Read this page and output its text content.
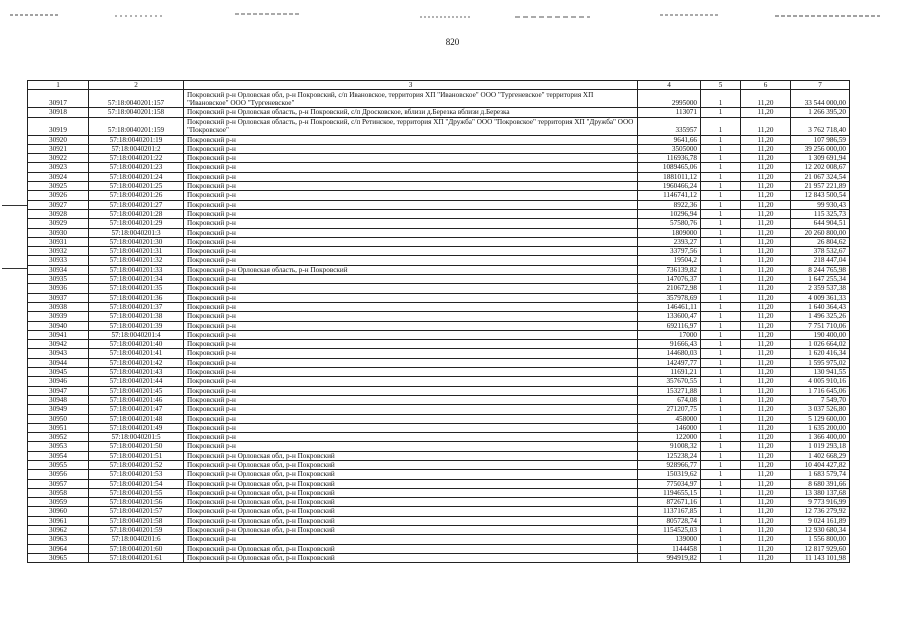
820
1	2	3	4	5	6	7
30917	57:18:0040201:157	Покровский р-н Орловская обл, р-н Покровский, с/п Ивановское, территория ХП "Ивановское" ООО "Тургеневское" территория ХП "Ивановское" ООО "Тургеневское"	2995000	1	11,20	33 544 000,00
30918	57:18:0040201:158	Покровский р-н Орловская область, р-н Покровский, с/п Дросковское, вблизи д.Березка вблизи д.Березка	113071	1	11,20	1 266 395,20
30919	57:18:0040201:159	Покровский р-н Орловская область, р-н Покровский, с/п Ретинское, территория ХП "Дружба" ООО "Покровское" территория ХП "Дружба" ООО "Покровское"	335957	1	11,20	3 762 718,40
30920	57:18:0040201:19	Покровский р-н	9641,66	1	11,20	107 986,59
30921	57:18:0040201:2	Покровский р-н	3505000	1	11,20	39 256 000,00
30922	57:18:0040201:22	Покровский р-н	116936,78	1	11,20	1 309 691,94
30923	57:18:0040201:23	Покровский р-н	1089465,06	1	11,20	12 202 008,67
30924	57:18:0040201:24	Покровский р-н	1881011,12	1	11,20	21 067 324,54
30925	57:18:0040201:25	Покровский р-н	1960466,24	1	11,20	21 957 221,89
30926	57:18:0040201:26	Покровский р-н	1146741,12	1	11,20	12 843 500,54
30927	57:18:0040201:27	Покровский р-н	8922,36	1	11,20	99 930,43
30928	57:18:0040201:28	Покровский р-н	10296,94	1	11,20	115 325,73
30929	57:18:0040201:29	Покровский р-н	57580,76	1	11,20	644 904,51
30930	57:18:0040201:3	Покровский р-н	1809000	1	11,20	20 260 800,00
30931	57:18:0040201:30	Покровский р-н	2393,27	1	11,20	26 804,62
30932	57:18:0040201:31	Покровский р-н	33797,56	1	11,20	378 532,67
30933	57:18:0040201:32	Покровский р-н	19504,2	1	11,20	218 447,04
30934	57:18:0040201:33	Покровский р-н Орловская область, р-н Покровский	736139,82	1	11,20	8 244 765,98
30935	57:18:0040201:34	Покровский р-н	147076,37	1	11,20	1 647 255,34
30936	57:18:0040201:35	Покровский р-н	210672,98	1	11,20	2 359 537,38
30937	57:18:0040201:36	Покровский р-н	357978,69	1	11,20	4 009 361,33
30938	57:18:0040201:37	Покровский р-н	146461,11	1	11,20	1 640 364,43
30939	57:18:0040201:38	Покровский р-н	133600,47	1	11,20	1 496 325,26
30940	57:18:0040201:39	Покровский р-н	692116,97	1	11,20	7 751 710,06
30941	57:18:0040201:4	Покровский р-н	17000	1	11,20	190 400,00
30942	57:18:0040201:40	Покровский р-н	91666,43	1	11,20	1 026 664,02
30943	57:18:0040201:41	Покровский р-н	144680,03	1	11,20	1 620 416,34
30944	57:18:0040201:42	Покровский р-н	142497,77	1	11,20	1 595 975,02
30945	57:18:0040201:43	Покровский р-н	11691,21	1	11,20	130 941,55
30946	57:18:0040201:44	Покровский р-н	357670,55	1	11,20	4 005 910,16
30947	57:18:0040201:45	Покровский р-н	153271,88	1	11,20	1 716 645,06
30948	57:18:0040201:46	Покровский р-н	674,08	1	11,20	7 549,70
30949	57:18:0040201:47	Покровский р-н	271207,75	1	11,20	3 037 526,80
30950	57:18:0040201:48	Покровский р-н	458000	1	11,20	5 129 600,00
30951	57:18:0040201:49	Покровский р-н	146000	1	11,20	1 635 200,00
30952	57:18:0040201:5	Покровский р-н	122000	1	11,20	1 366 400,00
30953	57:18:0040201:50	Покровский р-н	91008,32	1	11,20	1 019 293,18
30954	57:18:0040201:51	Покровский р-н Орловская обл, р-н Покровский	125238,24	1	11,20	1 402 668,29
30955	57:18:0040201:52	Покровский р-н Орловская обл, р-н Покровский	928966,77	1	11,20	10 404 427,82
30956	57:18:0040201:53	Покровский р-н Орловская обл, р-н Покровский	150319,62	1	11,20	1 683 579,74
30957	57:18:0040201:54	Покровский р-н Орловская обл, р-н Покровский	775034,97	1	11,20	8 680 391,66
30958	57:18:0040201:55	Покровский р-н Орловская обл, р-н Покровский	1194655,15	1	11,20	13 380 137,68
30959	57:18:0040201:56	Покровский р-н Орловская обл, р-н Покровский	872671,16	1	11,20	9 773 916,99
30960	57:18:0040201:57	Покровский р-н Орловская обл, р-н Покровский	1137167,85	1	11,20	12 736 279,92
30961	57:18:0040201:58	Покровский р-н Орловская обл, р-н Покровский	805728,74	1	11,20	9 024 161,89
30962	57:18:0040201:59	Покровский р-н Орловская обл, р-н Покровский	1154525,03	1	11,20	12 930 680,34
30963	57:18:0040201:6	Покровский р-н	139000	1	11,20	1 556 800,00
30964	57:18:0040201:60	Покровский р-н Орловская обл, р-н Покровский	1144458	1	11,20	12 817 929,60
30965	57:18:0040201:61	Покровский р-н Орловская обл, р-н Покровский	994919,82	1	11,20	11 143 101,98
